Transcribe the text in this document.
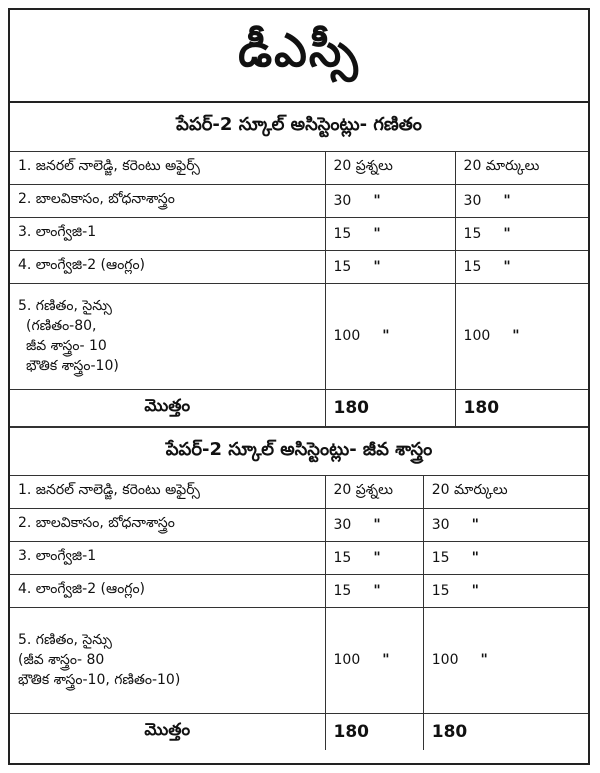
డీఎస్సీ
పేపర్-2 స్కూల్ అసిస్టెంట్లు- గణితం		
1. జనరల్ నాలెడ్జి, కరెంటు అఫైర్స్	20 ప్రశ్నలు	20 మార్కులు
2. బాలవికాసం, బోధనాశాస్త్రం	30 "	30 "
3. లాంగ్వేజి-1	15 "	15 "
4. లాంగ్వేజి-2 (ఆంగ్లం)	15 "	15 "

5. గణితం, సైన్సు
(గణితం-80,
జీవ శాస్త్రం- 10
భౌతిక శాస్త్రం-10)	100 "	100 "
మొత్తం	180	180
పేపర్-2 స్కూల్ అసిస్టెంట్లు- జీవ శాస్త్రం		
1. జనరల్ నాలెడ్జి, కరెంటు అఫైర్స్	20 ప్రశ్నలు	20 మార్కులు
2. బాలవికాసం, బోధనాశాస్త్రం	30 "	30 "
3. లాంగ్వేజి-1	15 "	15 "
4. లాంగ్వేజి-2 (ఆంగ్లం)	15 "	15 "

5. గణితం, సైన్సు
(జీవ శాస్త్రం- 80
భౌతిక శాస్త్రం-10, గణితం-10)	100 "	100 "
మొత్తం	180	180
